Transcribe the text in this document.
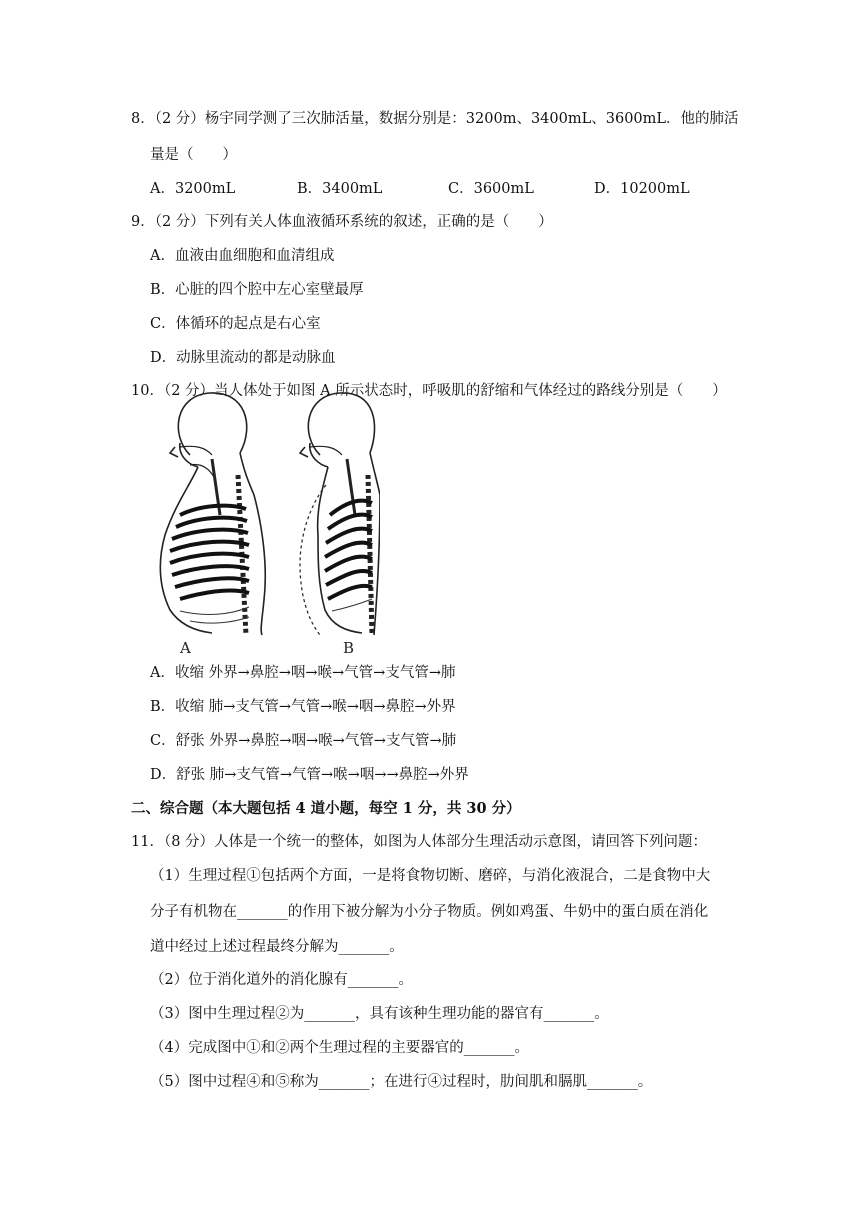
8．（2 分）杨宇同学测了三次肺活量，数据分别是：3200m、3400mL、3600mL．他的肺活
量是（　　）
A．3200mL	B．3400mL	C．3600mL	D．10200mL
9．（2 分）下列有关人体血液循环系统的叙述，正确的是（　　）
A．血液由血细胞和血清组成
B．心脏的四个腔中左心室壁最厚
C．体循环的起点是右心室
D．动脉里流动的都是动脉血
10．（2 分）当人体处于如图 A 所示状态时，呼吸肌的舒缩和气体经过的路线分别是（　　）
A	B
A．收缩 外界→鼻腔→咽→喉→气管→支气管→肺
B．收缩 肺→支气管→气管→喉→咽→鼻腔→外界
C．舒张 外界→鼻腔→咽→喉→气管→支气管→肺
D．舒张 肺→支气管→气管→喉→咽→→鼻腔→外界
二、综合题（本大题包括 4 道小题，每空 1 分，共 30 分）
11．（8 分）人体是一个统一的整体，如图为人体部分生理活动示意图，请回答下列问题：
（1）生理过程①包括两个方面，一是将食物切断、磨碎，与消化液混合，二是食物中大
分子有机物在_______的作用下被分解为小分子物质。例如鸡蛋、牛奶中的蛋白质在消化
道中经过上述过程最终分解为_______。
（2）位于消化道外的消化腺有_______。
（3）图中生理过程②为_______，具有该种生理功能的器官有_______。
（4）完成图中①和②两个生理过程的主要器官的_______。
（5）图中过程④和⑤称为_______；在进行④过程时，肋间肌和膈肌_______。
